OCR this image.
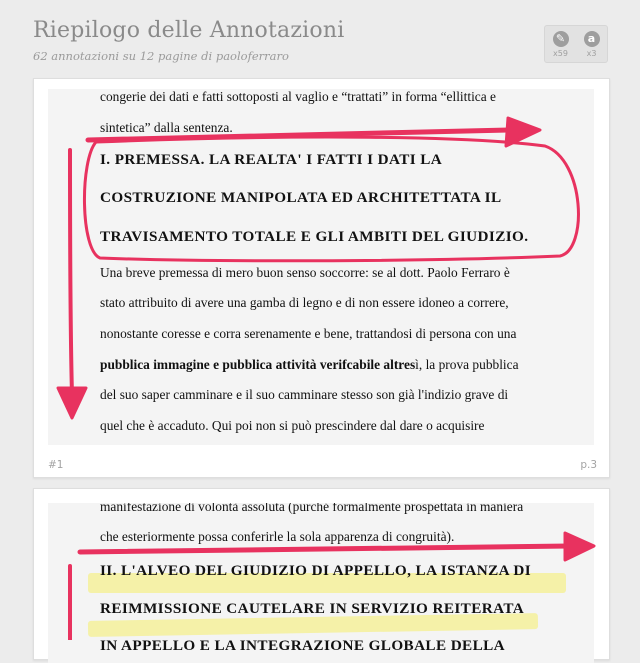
Riepilogo delle Annotazioni
62 annotazioni su 12 pagine di paoloferraro
✎
x59
a
x3
congerie dei dati e fatti sottoposti al vaglio e “trattati” in forma “ellittica e
sintetica” dalla sentenza.
I. PREMESSA. LA REALTA' I FATTI I DATI LA
COSTRUZIONE MANIPOLATA ED ARCHITETTATA IL
TRAVISAMENTO TOTALE E GLI AMBITI DEL GIUDIZIO.
Una breve premessa di mero buon senso soccorre: se al dott. Paolo Ferraro è
stato attribuito di avere una gamba di legno e di non essere idoneo a correre,
nonostante coresse e corra serenamente e bene, trattandosi di persona con una
pubblica immagine e pubblica attività verifcabile altresì, la prova pubblica
del suo saper camminare e il suo camminare stesso son già l'indizio grave di
quel che è accaduto. Qui poi non si può prescindere dal dare o acquisire
#1	p.3
manifestazione di volontà assoluta (purché formalmente prospettata in maniera
che esteriormente possa conferirle la sola apparenza di congruità).
II. L'ALVEO DEL GIUDIZIO DI APPELLO, LA ISTANZA DI
REIMMISSIONE CAUTELARE IN SERVIZIO REITERATA
IN APPELLO E LA INTEGRAZIONE GLOBALE DELLA
